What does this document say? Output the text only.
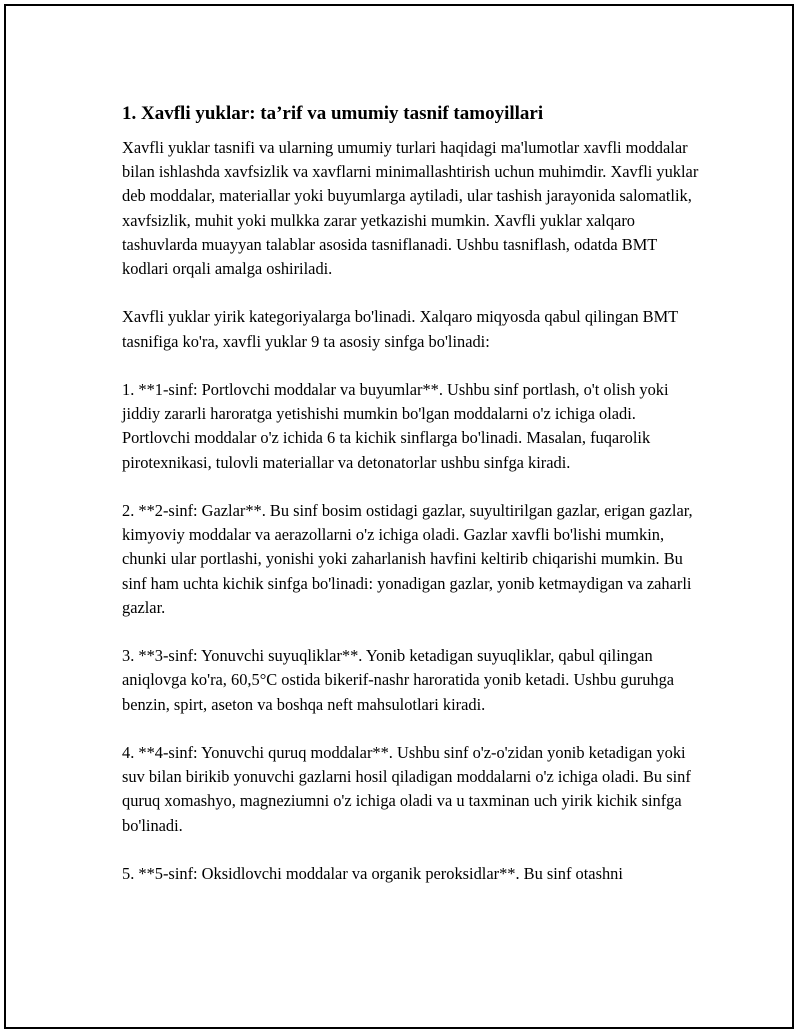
1. Xavfli yuklar: ta’rif va umumiy tasnif tamoyillari

Xavfli yuklar tasnifi va ularning umumiy turlari haqidagi ma'lumotlar xavfli moddalar bilan ishlashda xavfsizlik va xavflarni minimallashtirish uchun muhimdir. Xavfli yuklar deb moddalar, materiallar yoki buyumlarga aytiladi, ular tashish jarayonida salomatlik, xavfsizlik, muhit yoki mulkka zarar yetkazishi mumkin. Xavfli yuklar xalqaro tashuvlarda muayyan talablar asosida tasniflanadi. Ushbu tasniflash, odatda BMT kodlari orqali amalga oshiriladi.

Xavfli yuklar yirik kategoriyalarga bo'linadi. Xalqaro miqyosda qabul qilingan BMT tasnifiga ko'ra, xavfli yuklar 9 ta asosiy sinfga bo'linadi:

1. **1-sinf: Portlovchi moddalar va buyumlar**. Ushbu sinf portlash, o't olish yoki jiddiy zararli haroratga yetishishi mumkin bo'lgan moddalarni o'z ichiga oladi. Portlovchi moddalar o'z ichida 6 ta kichik sinflarga bo'linadi. Masalan, fuqarolik pirotexnikasi, tulovli materiallar va detonatorlar ushbu sinfga kiradi.

2. **2-sinf: Gazlar**. Bu sinf bosim ostidagi gazlar, suyultirilgan gazlar, erigan gazlar, kimyoviy moddalar va aerazollarni o'z ichiga oladi. Gazlar xavfli bo'lishi mumkin, chunki ular portlashi, yonishi yoki zaharlanish havfini keltirib chiqarishi mumkin. Bu sinf ham uchta kichik sinfga bo'linadi: yonadigan gazlar, yonib ketmaydigan va zaharli gazlar.

3. **3-sinf: Yonuvchi suyuqliklar**. Yonib ketadigan suyuqliklar, qabul qilingan aniqlovga ko'ra, 60,5°C ostida bikerif-nashr haroratida yonib ketadi. Ushbu guruhga benzin, spirt, aseton va boshqa neft mahsulotlari kiradi.

4. **4-sinf: Yonuvchi quruq moddalar**. Ushbu sinf o'z-o'zidan yonib ketadigan yoki suv bilan birikib yonuvchi gazlarni hosil qiladigan moddalarni o'z ichiga oladi. Bu sinf quruq xomashyo, magneziumni o'z ichiga oladi va u taxminan uch yirik kichik sinfga bo'linadi.

5. **5-sinf: Oksidlovchi moddalar va organik peroksidlar**. Bu sinf otashni
